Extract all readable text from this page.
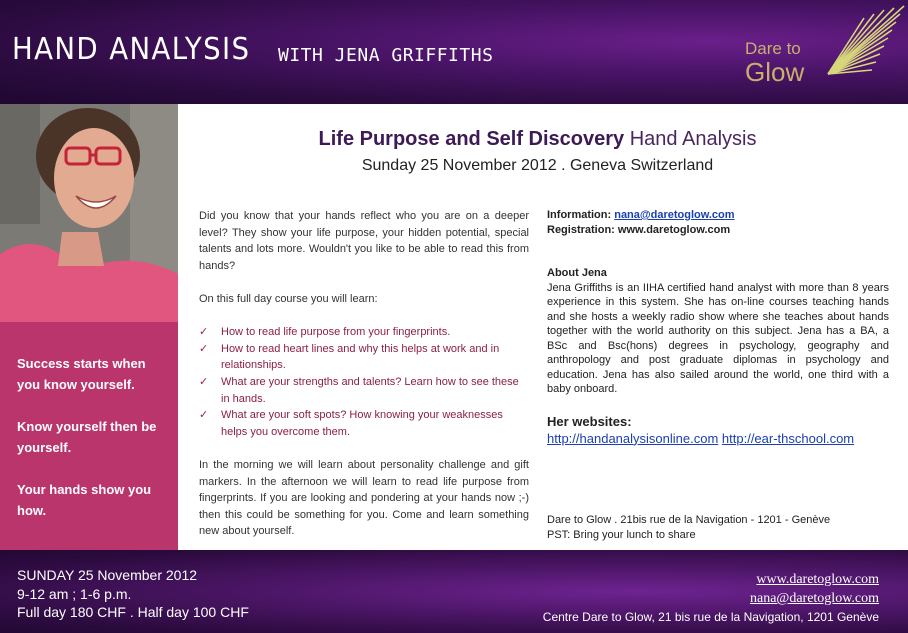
HAND ANALYSIS WITH JENA GRIFFITHS	Dare to
Glow
Success starts when you know yourself.
Know yourself then be yourself.
Your hands show you how.
Life Purpose and Self Discovery Hand Analysis
Sunday 25 November 2012 . Geneva Switzerland

Did you know that your hands reflect who you are on a deeper level? They show your life purpose, your hidden potential, special talents and lots more. Wouldn't you like to be able to read this from hands?

On this full day course you will learn:

✓ How to read life purpose from your fingerprints.
✓ How to read heart lines and why this helps at work and in relationships.
✓ What are your strengths and talents? Learn how to see these in hands.
✓ What are your soft spots? How knowing your weaknesses helps you overcome them.

In the morning we will learn about personality challenge and gift markers. In the afternoon we will learn to read life purpose from fingerprints. If you are looking and pondering at your hands now ;-) then this could be something for you. Come and learn something new about yourself.

Information: nana@daretoglow.com
Registration: www.daretoglow.com
About Jena
Jena Griffiths is an IIHA certified hand analyst with more than 8 years experience in this system. She has on-line courses teaching hands and she hosts a weekly radio show where she teaches about hands together with the world authority on this subject. Jena has a BA, a BSc and Bsc(hons) degrees in psychology, geography and anthropology and post graduate diplomas in psychology and education. Jena has also sailed around the world, one third with a baby onboard.
Her websites:
http://handanalysisonline.com http://ear-thschool.com
Dare to Glow . 21bis rue de la Navigation - 1201 - Genève
PST: Bring your lunch to share
SUNDAY 25 November 2012
9-12 am ; 1-6 p.m.
Full day 180 CHF . Half day 100 CHF
www.daretoglow.com
nana@daretoglow.com
Centre Dare to Glow, 21 bis rue de la Navigation, 1201 Genève
